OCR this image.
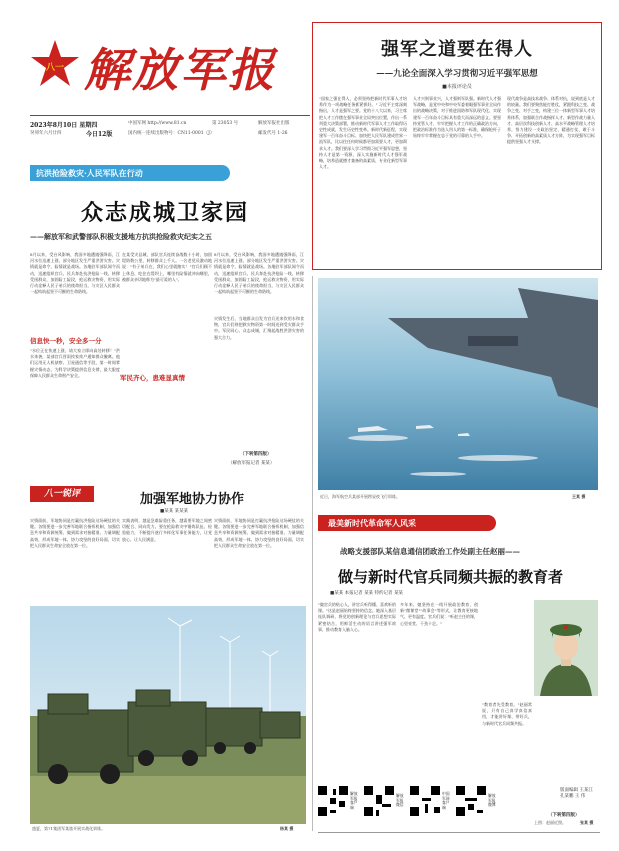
八一 解放军报
2023年8月10日 星期四
癸卯年六月廿四	今日12版
中国军网 http://www.81.cn
国内统一连续出版物号：CN11-0001（J）
第 23053 号	解放军报社出版
邮发代号 1-26
强军之道要在得人
——九论全面深入学习贯彻习近平强军思想
■本报评论员
"国家之强在得人，必须坚持把新时代军事人才培养作为一项战略任务抓紧抓好。" 习近平主席深刻指出，人才是强军之要。党的十八大以来，习主席把人才工作摆在强军事业全局突出位置，作出一系列重大决策部署，推动新时代军事人才工作取得历史性成就，发生历史性变革。新时代新征程，实现建军一百年奋斗目标、加快把人民军队建成世界一流军队，比以往任何时候都更加需要人才，更加渴求人才。我们要深入学习贯彻习近平强军思想，坚持人才是第一资源，深入实施新时代人才强军战略，培养造就德才兼备的高素质、专业化新型军事人才。
人才兴则事业兴，人才强则军队强。新时代人才强军战略，是党中央和中央军委着眼强军事业全局作出的战略决策，对于推进国防和军队现代化、实现建军一百年奋斗目标具有重大而深远的意义。要坚持党管人才，牢牢把握人才工作的正确政治方向，把政治标准作为选人用人的第一标准，确保枪杆子始终牢牢掌握在忠于党的可靠的人手中。
现代战争是高技术战争、体系对抗，说到底是人才的较量。我们要聚焦能打胜仗，紧跟科技之变、战争之变、对手之变，构建三位一体新型军事人才培养体系，加强联合作战指挥人才、新型作战力量人才、高层次科技创新人才、高水平战略管理人才培养，努力建设一支政治坚定、精通打仗、敢于斗争、开拓创新的高素质人才方阵，为实现强军目标提供坚强人才支撑。
抗洪抢险救灾·人民军队在行动
众志成城卫家园
——解放军和武警部队积极支援地方抗洪抢险救灾纪实之五
8月以来，受台风影响，我国多地遭遇强降雨，江河水位迅速上涨，部分地区发生严重洪涝灾害。灾情就是命令，险情就是战场。各地驻军部队闻令而动，迅速组织官兵、民兵奔赴抗洪抢险一线，转移受困群众，加固险工险段，抢运救灾物资，用实际行动诠释人民子弟兵的使命担当，与灾区人民群众一起构筑起坚不可摧的生命防线。
信息快一秒，安全多一分
"水位正在快速上涨，请大家立即向高处转移！"洪水来袭，某部官兵冒雨挨家挨户通知群众撤离。他们运用无人机侦察、卫星通信等手段，第一时间掌握灾情动态，为科学决策提供信息支撑，最大限度保障人民群众生命财产安全。
在某受灾县城，部队官兵连续奋战数十小时，加固堤防数公里，转移群众上千人。一名老党员激动地说："有子弟兵在，我们心里就踏实！"官兵们顾不上休息，吃住在堤坝上，哪里有险情就冲向哪里，被群众亲切地称为"最可爱的人"。
8月以来，受台风影响，我国多地遭遇强降雨，江河水位迅速上涨，部分地区发生严重洪涝灾害。灾情就是命令，险情就是战场。各地驻军部队闻令而动，迅速组织官兵、民兵奔赴抗洪抢险一线，转移受困群众，加固险工险段，抢运救灾物资，用实际行动诠释人民子弟兵的使命担当，与灾区人民群众一起构筑起坚不可摧的生命防线。
军民齐心，患难显真情
灾情发生后，当地群众自发为官兵送来饮用水和食物，官兵们则把救灾物资第一时间送到受灾群众手中。军民同心、众志成城，汇聚起战胜洪涝灾害的强大合力。
（下转第四版）
（解放军报记者 某某）
八一锐评	加强军地协力协作
■某某 某某某
灾情面前，军地协同是打赢抗洪抢险这场硬仗的关键。各级要进一步完善军地联合指挥机制，加强信息共享和资源统筹，做到需求对接精准、力量调配高效，形成军地一体、协力攻坚的良好局面，切实把人民群众生命安全放在第一位。
实践表明，越是急难险重任务，越需要军地之间密切配合、同向发力。要在抢险救灾中锤炼队伍、检验能力，不断提升遂行多样化军事任务能力，让党放心、让人民满意。
灾情面前，军地协同是打赢抗洪抢险这场硬仗的关键。各级要进一步完善军地联合指挥机制，加强信息共享和资源统筹，做到需求对接精准、力量调配高效，形成军地一体、协力攻坚的良好局面，切实把人民群众生命安全放在第一位。
盛夏，第71集团军某旅开展实战化训练。	杨某 摄
近日，海军航空兵某部开展跨昼夜飞行训练。	王某 摄
最美新时代革命军人风采
战略支援部队某信息通信团政治工作处副主任赵丽——
做与新时代官兵同频共振的教育者
■某某 本报记者 某某 特约记者 某某
"做官兵的贴心人，讲官兵听得懂、喜欢听的课。"这是赵丽始终坚持的信念。她深入基层连队调研，将党的创新理论与官兵思想实际紧密结合，用鲜活生动的语言讲述强军故事，推动教育入脑入心。
多年来，她坚持在一线开展政治教育，创新"微课堂""故事会"等形式，让教育更接地气、更有温度。官兵们说："听赵主任的课，心里亮堂、干劲十足。"
"教育者先受教育。"赵丽常说，只有自己真学真信真用，才能讲好课、带好兵，与新时代官兵同频共振。
上图：赵丽近照。	张某 摄
（下转第四版）
解放军报客户端
解放军报微信
中国军网客户端
解放军报微博
版面编辑 王某江 孔某鹏 王 伟
